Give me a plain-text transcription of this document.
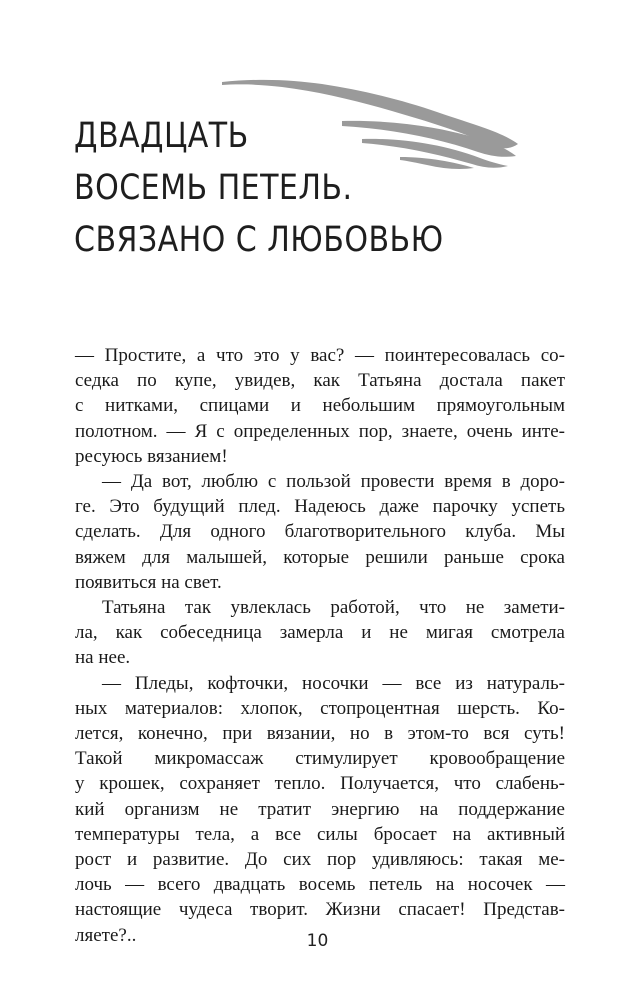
ДВАДЦАТЬ
ВОСЕМЬ ПЕТЕЛЬ.
СВЯЗАНО С ЛЮБОВЬЮ

— Простите, а что это у вас? — поинтересовалась со-
седка по купе, увидев, как Татьяна достала пакет
с нитками, спицами и небольшим прямоугольным
полотном. — Я с определенных пор, знаете, очень инте-
ресуюсь вязанием!

— Да вот, люблю с пользой провести время в доро-
ге. Это будущий плед. Надеюсь даже парочку успеть
сделать. Для одного благотворительного клуба. Мы
вяжем для малышей, которые решили раньше срока
появиться на свет.

Татьяна так увлеклась работой, что не замети-
ла, как собеседница замерла и не мигая смотрела
на нее.

— Пледы, кофточки, носочки — все из натураль-
ных материалов: хлопок, стопроцентная шерсть. Ко-
лется, конечно, при вязании, но в этом-то вся суть!
Такой микромассаж стимулирует кровообращение
у крошек, сохраняет тепло. Получается, что слабень-
кий организм не тратит энергию на поддержание
температуры тела, а все силы бросает на активный
рост и развитие. До сих пор удивляюсь: такая ме-
лочь — всего двадцать восемь петель на носочек —
настоящие чудеса творит. Жизни спасает! Представ-
ляете?..	10
